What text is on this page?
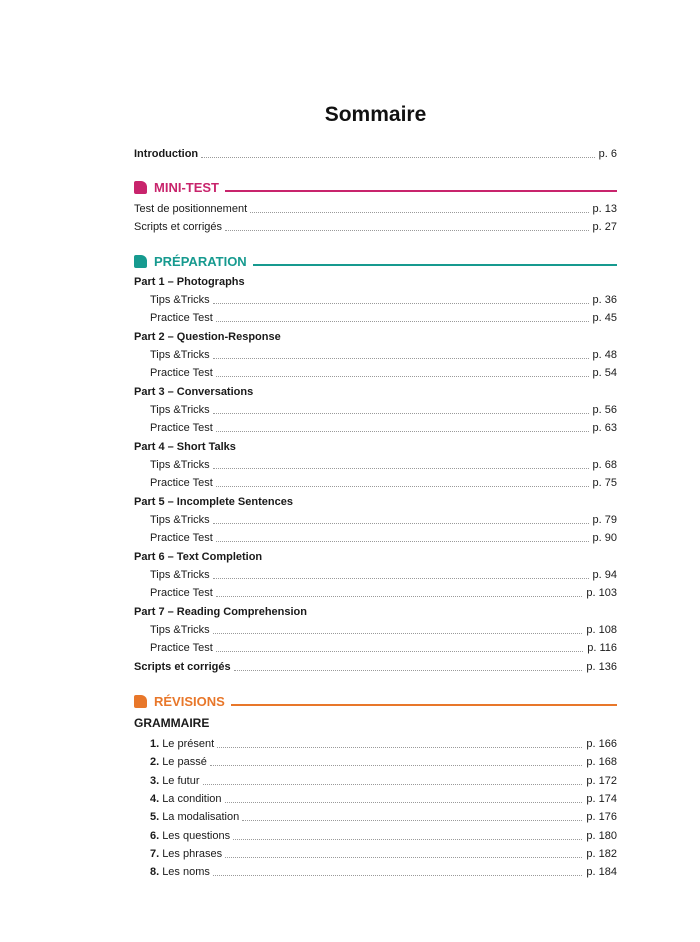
Sommaire
Introduction	p. 6
MINI-TEST
Test de positionnement	p. 13
Scripts et corrigés	p. 27
PRÉPARATION
Part 1 – Photographs
Tips &Tricks	p. 36
Practice Test	p. 45
Part 2 – Question-Response
Tips &Tricks	p. 48
Practice Test	p. 54
Part 3 – Conversations
Tips &Tricks	p. 56
Practice Test	p. 63
Part 4 – Short Talks
Tips &Tricks	p. 68
Practice Test	p. 75
Part 5 – Incomplete Sentences
Tips &Tricks	p. 79
Practice Test	p. 90
Part 6 – Text Completion
Tips &Tricks	p. 94
Practice Test	p. 103
Part 7 – Reading Comprehension
Tips &Tricks	p. 108
Practice Test	p. 116
Scripts et corrigés	p. 136
RÉVISIONS
GRAMMAIRE
1. Le présent	p. 166
2. Le passé	p. 168
3. Le futur	p. 172
4. La condition	p. 174
5. La modalisation	p. 176
6. Les questions	p. 180
7. Les phrases	p. 182
8. Les noms	p. 184
